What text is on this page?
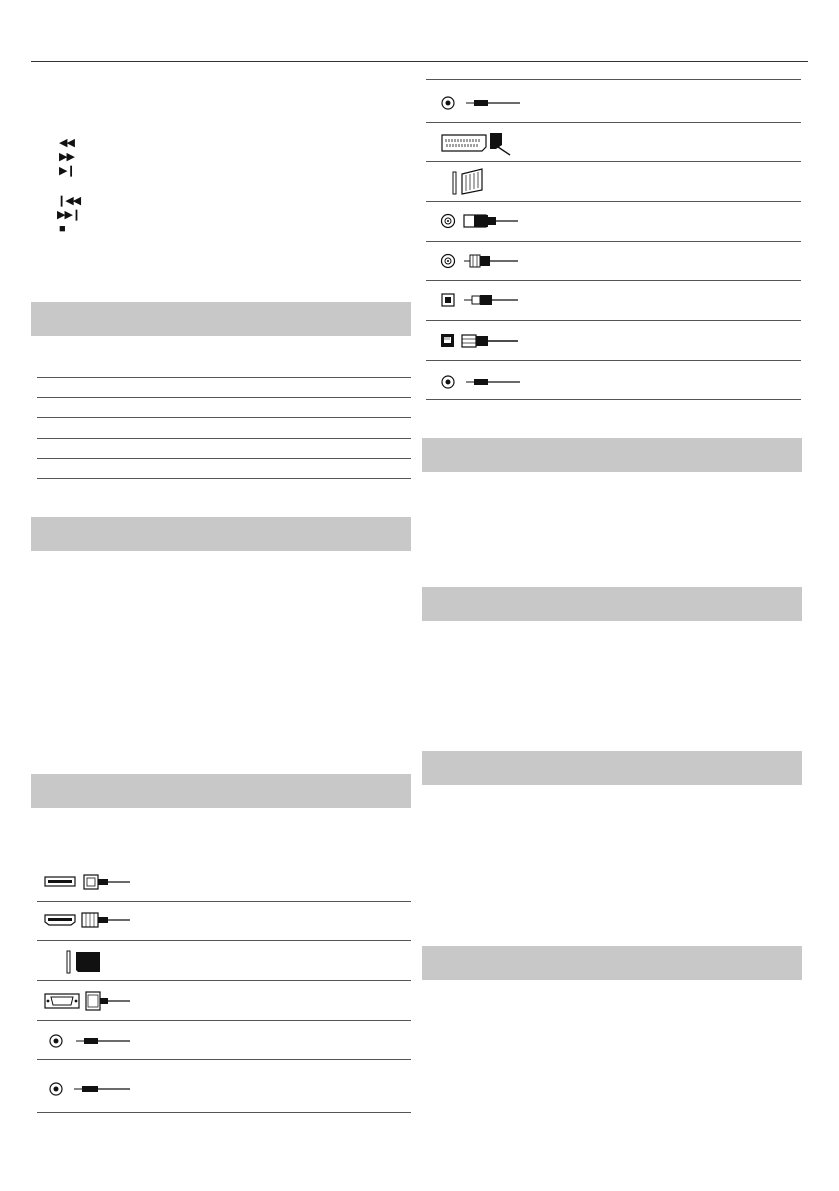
◀◀
▶▶
▶❙
❙◀◀
▶▶❙
■
